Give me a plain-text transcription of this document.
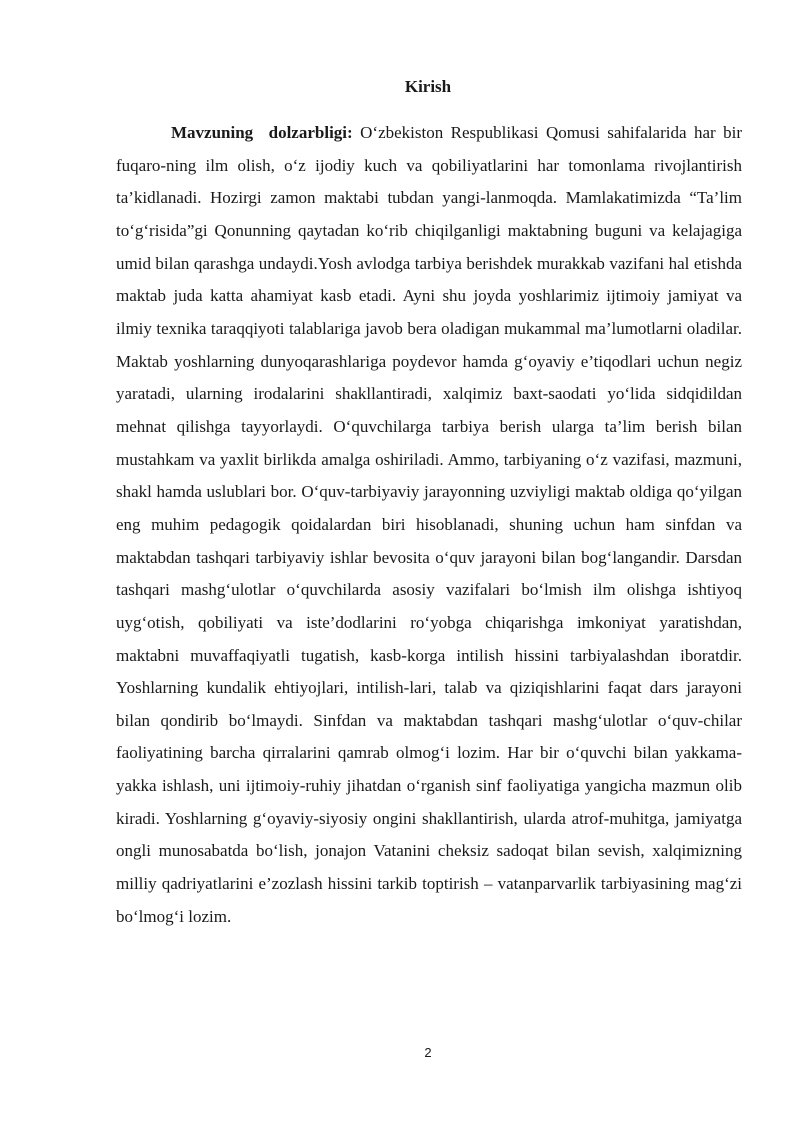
Kirish

Mavzuning dolzarbligi: O‘zbekiston Respublikasi Qomusi sahifalarida har bir fuqaro-ning ilm olish, o‘z ijodiy kuch va qobiliyatlarini har tomonlama rivojlantirish ta’kidlanadi. Hozirgi zamon maktabi tubdan yangi-lanmoqda. Mamlakatimizda “Ta’lim to‘g‘risida”gi Qonunning qaytadan ko‘rib chiqilganligi maktabning buguni va kelajagiga umid bilan qarashga undaydi.Yosh avlodga tarbiya berishdek murakkab vazifani hal etishda maktab juda katta ahamiyat kasb etadi. Ayni shu joyda yoshlarimiz ijtimoiy jamiyat va ilmiy texnika taraqqiyoti talablariga javob bera oladigan mukammal ma’lumotlarni oladilar. Maktab yoshlarning dunyoqarashlariga poydevor hamda g‘oyaviy e’tiqodlari uchun negiz yaratadi, ularning irodalarini shakllantiradi, xalqimiz baxt-saodati yo‘lida sidqidildan mehnat qilishga tayyorlaydi. O‘quvchilarga tarbiya berish ularga ta’lim berish bilan mustahkam va yaxlit birlikda amalga oshiriladi. Ammo, tarbiyaning o‘z vazifasi, mazmuni, shakl hamda uslublari bor. O‘quv-tarbiyaviy jarayonning uzviyligi maktab oldiga qo‘yilgan eng muhim pedagogik qoidalardan biri hisoblanadi, shuning uchun ham sinfdan va maktabdan tashqari tarbiyaviy ishlar bevosita o‘quv jarayoni bilan bog‘langandir. Darsdan tashqari mashg‘ulotlar o‘quvchilarda asosiy vazifalari bo‘lmish ilm olishga ishtiyoq uyg‘otish, qobiliyati va iste’dodlarini ro‘yobga chiqarishga imkoniyat yaratishdan, maktabni muvaffaqiyatli tugatish, kasb-korga intilish hissini tarbiyalashdan iboratdir. Yoshlarning kundalik ehtiyojlari, intilish-lari, talab va qiziqishlarini faqat dars jarayoni bilan qondirib bo‘lmaydi. Sinfdan va maktabdan tashqari mashg‘ulotlar o‘quv-chilar faoliyatining barcha qirralarini qamrab olmog‘i lozim. Har bir o‘quvchi bilan yakkama-yakka ishlash, uni ijtimoiy-ruhiy jihatdan o‘rganish sinf faoliyatiga yangicha mazmun olib kiradi. Yoshlarning g‘oyaviy-siyosiy ongini shakllantirish, ularda atrof-muhitga, jamiyatga ongli munosabatda bo‘lish, jonajon Vatanini cheksiz sadoqat bilan sevish, xalqimizning milliy qadriyatlarini e’zozlash hissini tarkib toptirish – vatanparvarlik tarbiyasining mag‘zi bo‘lmog‘i lozim.

2
